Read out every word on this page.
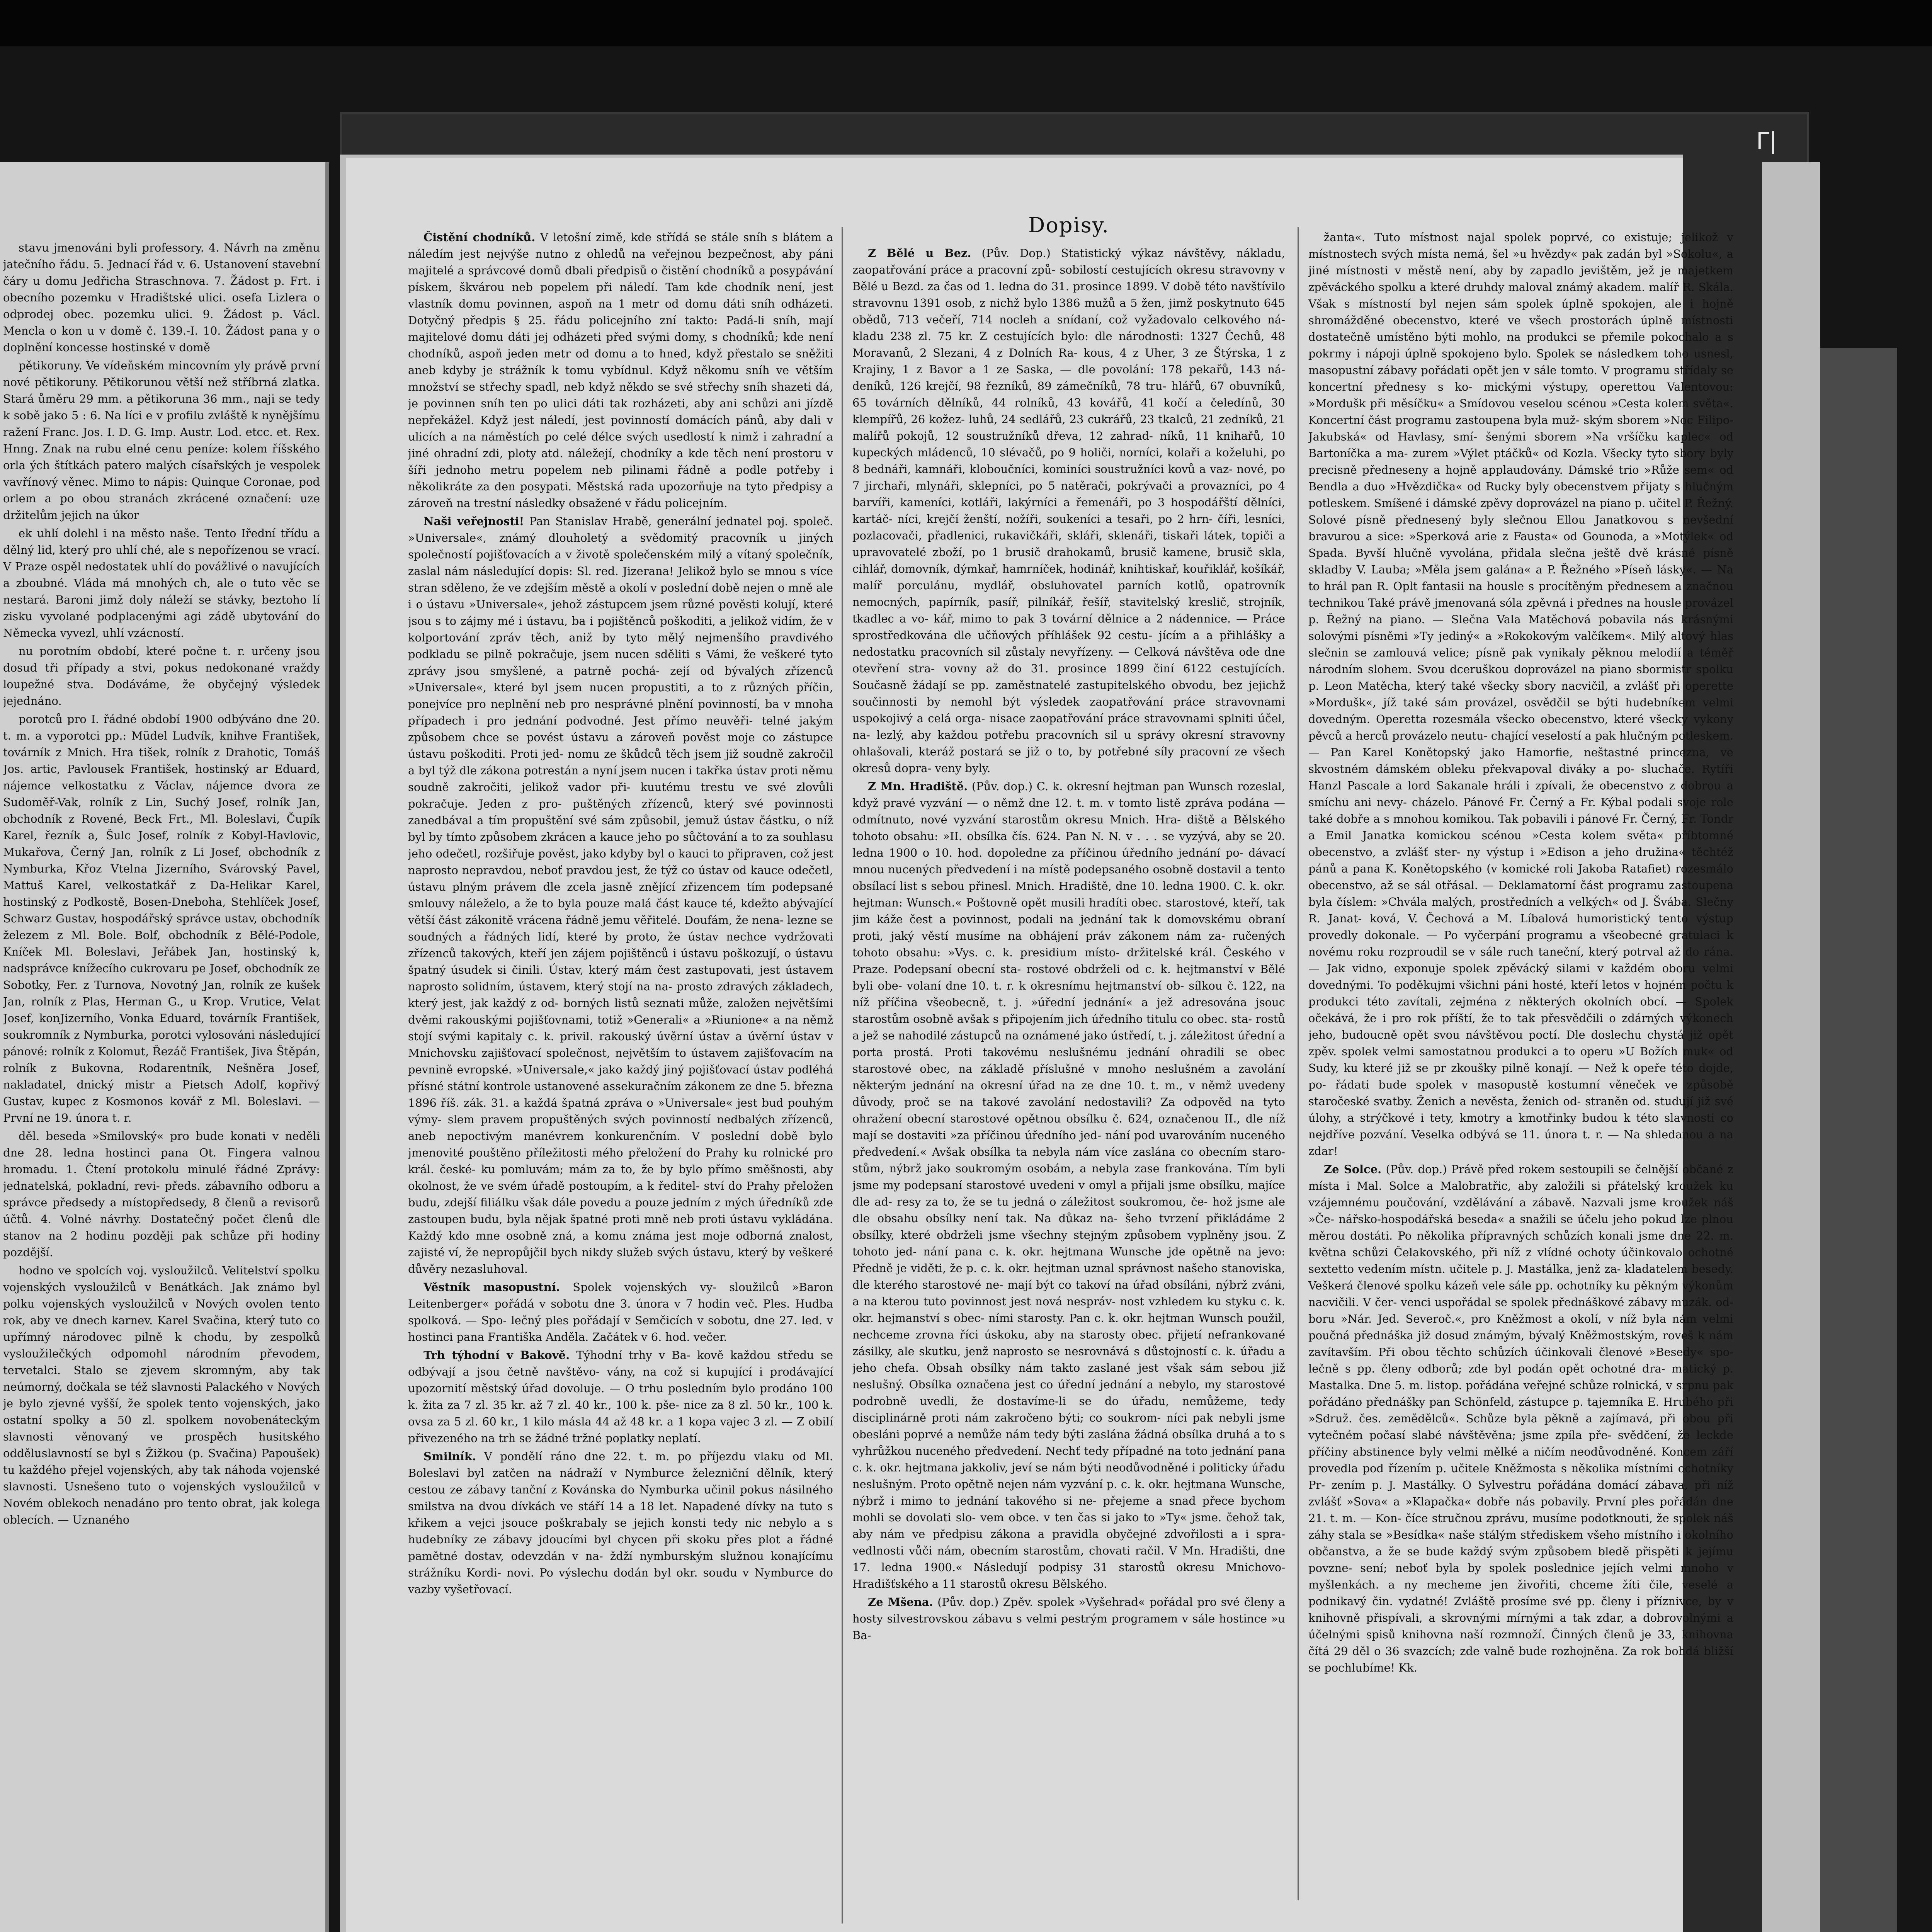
stavu jmenováni byli professory. 4. Návrh na změnu jatečního řádu. 5. Jednací řád v. 6. Ustanovení stavební čáry u domu Jedřicha Straschnova. 7. Žádost p. Frt. i obecního pozemku v Hradištské ulici. osefa Lizlera o odprodej obec. pozemku ulici. 9. Žádost p. Václ. Mencla o kon u v domě č. 139.-I. 10. Žádost pana y o doplnění koncesse hostinské v domě

pětikoruny. Ve vídeňském mincovním yly právě první nové pětikoruny. Pětikorunou větší než stříbrná zlatka. Stará ůměru 29 mm. a pětikoruna 36 mm., naji se tedy k sobě jako 5 : 6. Na líci e v profilu zvláště k nynějšímu ražení Franc. Jos. I. D. G. Imp. Austr. Lod. etcc. et. Rex. Hnng. Znak na rubu elné cenu peníze: kolem říšského orla ých štítkách patero malých císařských je vespolek vavřínový věnec. Mimo to nápis: Quinque Coronae, pod orlem a po obou stranách zkrácené označení: uze držitelům jejich na úkor

ek uhlí dolehl i na město naše. Tento Iřední třídu a dělný lid, který pro uhlí ché, ale s nepořízenou se vrací. V Praze ospěl nedostatek uhlí do povážlivé o navujících a zboubné. Vláda má mnohých ch, ale o tuto věc se nestará. Baroni jimž doly náleží se stávky, beztoho lí zisku vyvolané podplacenými agi zádě ubytování do Německa vyvezl, uhlí vzácností.

nu porotním období, které počne t. r. určeny jsou dosud tři případy a stvi, pokus nedokonané vraždy loupežné stva. Dodáváme, že obyčejný výsledek jejednáno.

porotců pro I. řádné období 1900 odbýváno dne 20. t. m. a vyporotci pp.: Müdel Ludvík, knihve František, továrník z Mnich. Hra tišek, rolník z Drahotic, Tomáš Jos. artic, Pavlousek František, hostinský ar Eduard, nájemce velkostatku z Václav, nájemce dvora ze Sudoměř-Vak, rolník z Lin, Suchý Josef, rolník Jan, obchodník z Rovené, Beck Frt., Ml. Boleslavi, Čupík Karel, řezník a, Šulc Josef, rolník z Kobyl-Havlovic, Mukařova, Černý Jan, rolník z Li Josef, obchodník z Nymburka, Křoz Vtelna Jizerního, Svárovský Pavel, Mattuš Karel, velkostatkář z Da-Helikar Karel, hostinský z Podkostě, Bosen-Dneboha, Stehlíček Josef, Schwarz Gustav, hospodářský správce ustav, obchodník železem z Ml. Bole. Bolf, obchodník z Bělé-Podole, Kníček Ml. Boleslavi, Jeřábek Jan, hostinský k, nadsprávce knížecího cukrovaru pe Josef, obchodník ze Sobotky, Fer. z Turnova, Novotný Jan, rolník ze kušek Jan, rolník z Plas, Herman G., u Krop. Vrutice, Velat Josef, konJizerního, Vonka Eduard, továrník František, soukromník z Nymburka, porotci vylosováni následující pánové: rolník z Kolomut, Řezáč František, Jiva Štěpán, rolník z Bukovna, Rodarentník, Nešněra Josef, nakladatel, dnický mistr a Pietsch Adolf, kopřivý Gustav, kupec z Kosmonos kovář z Ml. Boleslavi. — První ne 19. února t. r.

děl. beseda »Smilovský« pro bude konati v neděli dne 28. ledna hostinci pana Ot. Fingera valnou hromadu. 1. Čtení protokolu minulé řádné Zprávy: jednatelská, pokladní, revi- předs. zábavního odboru a správce předsedy a místopředsedy, 8 členů a revisorů účtů. 4. Volné návrhy. Dostatečný počet členů dle stanov na 2 hodinu později pak schůze při hodiny pozdější.

hodno ve spolcích voj. vysloužilců. Velitelství spolku vojenských vysloužilců v Benátkách. Jak známo byl polku vojenských vysloužilců v Nových ovolen tento rok, aby ve dnech karnev. Karel Svačina, který tuto co upřímný národovec pilně k chodu, by zespolků vysloužilečkých odpomohl národním převodem, tervetalci. Stalo se zjevem skromným, aby tak neúmorný, dočkala se též slavnosti Palackého v Nových je bylo zjevné vyšší, že spolek tento vojenských, jako ostatní spolky a 50 zl. spolkem novobenáteckým slavnosti věnovaný ve prospěch husitského odděluslavností se byl s Žižkou (p. Svačina) Papoušek) tu každého přejel vojenských, aby tak náhoda vojenské slavnosti. Usnešeno tuto o vojenských vysloužilců v Novém oblekoch nenadáno pro tento obrat, jak kolega oblecích. — Uznaného

Čistění chodníků. V letošní zimě, kde střídá se stále sníh s blátem a náledím jest nejvýše nutno z ohledů na veřejnou bezpečnost, aby páni majitelé a správcové domů dbali předpisů o čistění chodníků a posypávání pískem, škvárou neb popelem při náledí. Tam kde chodník není, jest vlastník domu povinnen, aspoň na 1 metr od domu dáti sníh odházeti. Dotyčný předpis § 25. řádu policejního zní takto: Padá-li sníh, mají majitelové domu dáti jej odházeti před svými domy, s chodníků; kde není chodníků, aspoň jeden metr od domu a to hned, když přestalo se sněžiti aneb kdyby je strážník k tomu vybídnul. Když někomu sníh ve větším množství se střechy spadl, neb když někdo se své střechy sníh shazeti dá, je povinnen sníh ten po ulici dáti tak rozházeti, aby ani schůzi ani jízdě nepřekážel. Když jest náledí, jest povinností domácích pánů, aby dali v ulicích a na náměstích po celé délce svých usedlostí k nimž i zahradní a jiné ohradní zdi, ploty atd. náležejí, chodníky a kde těch není prostoru v šíři jednoho metru popelem neb pilinami řádně a podle potřeby i několikráte za den posypati. Městská rada upozorňuje na tyto předpisy a zároveň na trestní následky obsažené v řádu policejním.

Naši veřejnosti! Pan Stanislav Hrabě, generální jednatel poj. společ. »Universale«, známý dlouholetý a svědomitý pracovník u jiných společností pojišťovacích a v životě společenském milý a vítaný společník, zaslal nám následující dopis: Sl. red. Jizerana! Jelikož bylo se mnou s více stran sděleno, že ve zdejším městě a okolí v poslední době nejen o mně ale i o ústavu »Universale«, jehož zástupcem jsem různé pověsti kolují, které jsou s to zájmy mé i ústavu, ba i pojištěnců poškoditi, a jelikož vidím, že v kolportování zpráv těch, aniž by tyto mělý nejmenšího pravdivého podkladu se pilně pokračuje, jsem nucen sděliti s Vámi, že veškeré tyto zprávy jsou smyšlené, a patrně pochá- zejí od bývalých zřízenců »Universale«, které byl jsem nucen propustiti, a to z různých příčin, ponejvíce pro neplnění neb pro nesprávné plnění povinností, ba v mnoha případech i pro jednání podvodné. Jest přímo neuvěři- telné jakým způsobem chce se povést ústavu a zároveň pověst moje co zástupce ústavu poškoditi. Proti jed- nomu ze škůdců těch jsem již soudně zakročil a byl týž dle zákona potrestán a nyní jsem nucen i takřka ústav proti němu soudně zakročiti, jelikož vador při- kuutému trestu ve své zlovůli pokračuje. Jeden z pro- puštěných zřízenců, který své povinnosti zanedbával a tím propuštění své sám způsobil, jemuž ústav částku, o níž byl by tímto způsobem zkrácen a kauce jeho po sůčtování a to za souhlasu jeho odečetl, rozšiřuje pověst, jako kdyby byl o kauci to připraven, což jest naprosto nepravdou, neboť pravdou jest, že týž co ústav od kauce odečetl, ústavu plným právem dle zcela jasně znějící zřizencem tím podepsané smlouvy náleželo, a že to byla pouze malá část kauce té, kdežto abývající větší část zákonitě vrácena řádně jemu věřitelé. Doufám, že nena- lezne se soudných a řádných lidí, které by proto, že ústav nechce vydržovati zřízenců takových, kteří jen zájem pojištěnců i ústavu poškozují, o ústavu špatný úsudek si činili. Ústav, který mám čest zastupovati, jest ústavem naprosto solidním, ústavem, který stojí na na- prosto zdravých základech, který jest, jak každý z od- borných listů seznati může, založen největšími dvěmi rakouskými pojišťovnami, totiž »Generali« a »Riunione« a na němž stojí svými kapitaly c. k. privil. rakouský úvěrní ústav a úvěrní ústav v Mnichovsku zajišťovací společnost, největším to ústavem zajišťovacím na pevnině evropské. »Universale,« jako každý jiný pojišťovací ústav podléhá přísné státní kontrole ustanovené assekuračním zákonem ze dne 5. března 1896 říš. zák. 31. a každá špatná zpráva o »Universale« jest bud pouhým výmy- slem pravem propuštěných svých povinností nedbalých zřízenců, aneb nepoctivým manévrem konkurenčním. V poslední době bylo jmenovité pouštěno příležitosti mého přeložení do Prahy ku rolnické pro král. české- ku pomluvám; mám za to, že by bylo přímo směšnosti, aby okolnost, že ve svém úřadě postoupím, a k ředitel- ství do Prahy přeložen budu, zdejší filiálku však dále povedu a pouze jedním z mých úředníků zde zastoupen budu, byla nějak špatné proti mně neb proti ústavu vykládána. Každý kdo mne osobně zná, a komu známa jest moje odborná znalost, zajisté ví, že nepropůjčil bych nikdy služeb svých ústavu, který by veškeré důvěry nezasluhoval.

Věstník masopustní. Spolek vojenských vy- sloužilců »Baron Leitenberger« pořádá v sobotu dne 3. února v 7 hodin več. Ples. Hudba spolková. — Spo- lečný ples pořádají v Semčicích v sobotu, dne 27. led. v hostinci pana Františka Anděla. Začátek v 6. hod. večer.

Trh týhodní v Bakově. Týhodní trhy v Ba- kově každou středu se odbývají a jsou četně navštěvo- vány, na což si kupující i prodávající upozornití městský úřad dovoluje. — O trhu posledním bylo prodáno 100 k. žita za 7 zl. 35 kr. až 7 zl. 40 kr., 100 k. pše- nice za 8 zl. 50 kr., 100 k. ovsa za 5 zl. 60 kr., 1 kilo másla 44 až 48 kr. a 1 kopa vajec 3 zl. — Z obilí přivezeného na trh se žádné tržné poplatky neplatí.

Smilník. V pondělí ráno dne 22. t. m. po příjezdu vlaku od Ml. Boleslavi byl zatčen na nádraží v Nymburce železniční dělník, který cestou ze zábavy tanční z Kovánska do Nymburka učinil pokus násilného smilstva na dvou dívkách ve stáří 14 a 18 let. Napadené dívky na tuto s křikem a vejci jsouce poškrabaly se jejich konsti tedy nic nebylo a s hudebníky ze zábavy jdoucími byl chycen při skoku přes plot a řádné pamětné dostav, odevzdán v na- ždží nymburským služnou konajícímu strážníku Kordi- novi. Po výslechu dodán byl okr. soudu v Nymburce do vazby vyšetřovací.

Dopisy.

Z Bělé u Bez. (Pův. Dop.) Statistický výkaz návštěvy, nákladu, zaopatřování práce a pracovní způ- sobilostí cestujících okresu stravovny v Bělé u Bezd. za čas od 1. ledna do 31. prosince 1899. V době této navštívilo stravovnu 1391 osob, z nichž bylo 1386 mužů a 5 žen, jimž poskytnuto 645 obědů, 713 večeří, 714 nocleh a snídaní, což vyžadovalo celkového ná- kladu 238 zl. 75 kr. Z cestujících bylo: dle národnosti: 1327 Čechů, 48 Moravanů, 2 Slezani, 4 z Dolních Ra- kous, 4 z Uher, 3 ze Štýrska, 1 z Krajiny, 1 z Bavor a 1 ze Saska, — dle povolání: 178 pekařů, 143 ná- deníků, 126 krejčí, 98 řezníků, 89 zámečníků, 78 tru- hlářů, 67 obuvníků, 65 továrních dělníků, 44 rolníků, 43 kovářů, 41 kočí a čeledínů, 30 klempířů, 26 kožez- luhů, 24 sedlářů, 23 cukrářů, 23 tkalců, 21 zedníků, 21 malířů pokojů, 12 soustružníků dřeva, 12 zahrad- níků, 11 knihařů, 10 kupeckých mládenců, 10 slévačů, po 9 holiči, norníci, kolaři a koželuhi, po 8 bednáři, kamnáři, kloboučníci, kominíci soustružníci kovů a vaz- nové, po 7 jirchaři, mlynáři, sklepníci, po 5 natěrači, pokrývači a provazníci, po 4 barvíři, kameníci, kotláři, lakýrníci a řemenáři, po 3 hospodářští dělníci, kartáč- níci, krejčí ženští, nožíři, soukeníci a tesaři, po 2 hrn- číři, lesníci, pozlacovači, přadlenici, rukavičkáři, skláři, sklenáři, tiskaři látek, topiči a upravovatelé zboží, po 1 brusič drahokamů, brusič kamene, brusič skla, cihlář, domovník, dýmkař, hamrníček, hodinář, knihtiskař, kouřiklář, košíkář, malíř porculánu, mydlář, obsluhovatel parních kotlů, opatrovník nemocných, papírník, pasíř, pilníkář, řešíř, stavitelský kreslič, strojník, tkadlec a vo- kář, mimo to pak 3 tovární dělnice a 2 nádennice. — Práce sprostředkována dle učňových příhlášek 92 cestu- jícím a a přihlášky a nedostatku pracovních sil zůstaly nevyřízeny. — Celková návštěva ode dne otevření stra- vovny až do 31. prosince 1899 činí 6122 cestujících. Současně žádají se pp. zaměstnatelé zastupitelského obvodu, bez jejichž součinnosti by nemohl být výsledek zaopatřování práce stravovnami uspokojivý a celá orga- nisace zaopatřování práce stravovnami splniti účel, na- lezlý, aby každou potřebu pracovních sil u správy okresní stravovny ohlašovali, kteráž postará se již o to, by potřebné síly pracovní ze všech okresů dopra- veny byly.

Z Mn. Hradiště. (Pův. dop.) C. k. okresní hejtman pan Wunsch rozeslal, když pravé vyzvání — o němž dne 12. t. m. v tomto listě zpráva podána — odmítnuto, nové vyzvání starostům okresu Mnich. Hra- diště a Bělského tohoto obsahu: »II. obsílka čís. 624. Pan N. N. v . . . se vyzývá, aby se 20. ledna 1900 o 10. hod. dopoledne za příčinou úředního jednání po- dávací mnou nucených předvedení i na místě podepsaného osobně dostavil a tento obsílací list s sebou přinesl. Mnich. Hradiště, dne 10. ledna 1900. C. k. okr. hejtman: Wunsch.« Poštovně opět musili hradíti obec. starostové, kteří, tak jim káže čest a povinnost, podali na jednání tak k domovskému obraní proti, jaký věstí musíme na obhájení práv zákonem nám za- ručených tohoto obsahu: »Vys. c. k. presidium místo- držitelské král. Českého v Praze. Podepsaní obecní sta- rostové obdrželi od c. k. hejtmanství v Bělé byli obe- volaní dne 10. t. r. k okresnímu hejtmanství ob- sílkou č. 122, na níž příčina všeobecně, t. j. »úřední jednání« a jež adresována jsouc starostům osobně avšak s připojením jich úředního titulu co obec. sta- rostů a jež se nahodilé zástupců na oznámené jako ústředí, t. j. záležitost úřední a porta prostá. Proti takovému neslušnému jednání ohradili se obec starostové obec, na základě příslušné v mnoho neslušném a zavolání některým jednání na okresní úřad na ze dne 10. t. m., v němž uvedeny důvody, proč se na takové zavolání nedostavili? Za odpověd na tyto ohražení obecní starostové opětnou obsílku č. 624, označenou II., dle níž mají se dostaviti »za příčinou úředního jed- nání pod uvarováním nuceného předvedení.« Avšak obsílka ta nebyla nám více zaslána co obecním staro- stům, nýbrž jako soukromým osobám, a nebyla zase frankována. Tím byli jsme my podepsaní starostové uvedeni v omyl a přijali jsme obsílku, majíce dle ad- resy za to, že se tu jedná o záležitost soukromou, če- hož jsme ale dle obsahu obsílky není tak. Na důkaz na- šeho tvrzení přikládáme 2 obsílky, které obdrželi jsme všechny stejným způsobem vyplněny jsou. Z tohoto jed- nání pana c. k. okr. hejtmana Wunsche jde opětně na jevo: Předně je viděti, že p. c. k. okr. hejtman uznal správnost našeho stanoviska, dle kterého starostové ne- mají být co takoví na úřad obsíláni, nýbrž zváni, a na kterou tuto povinnost jest nová nespráv- nost vzhledem ku styku c. k. okr. hejmanství s obec- ními starosty. Pan c. k. okr. hejtman Wunsch použil, nechceme zrovna říci úskoku, aby na starosty obec. přijetí nefrankované zásilky, ale skutku, jenž naprosto se nesrovnává s důstojností c. k. úřadu a jeho chefa. Obsah obsílky nám takto zaslané jest však sám sebou již neslušný. Obsílka označena jest co úřední jednání a nebylo, my starostové podrobně uvedli, že dostavíme-li se do úřadu, nemůžeme, tedy disciplinárně proti nám zakročeno býti; co soukrom- níci pak nebyli jsme obesláni poprvé a nemůže nám tedy býti zaslána žádná obsílka druhá a to s vyhrůžkou nuceného předvedení. Nechť tedy případné na toto jednání pana c. k. okr. hejtmana jakkoliv, jeví se nám býti neodůvodněné i politicky úřadu neslušným. Proto opětně nejen nám vyzvání p. c. k. okr. hejtmana Wunsche, nýbrž i mimo to jednání takového si ne- přejeme a snad přece bychom mohli se dovolati slo- vem obce. v ten čas si jako to »Ty« jsme. čehož tak, aby nám ve předpisu zákona a pravidla obyčejné zdvořilosti a i spra- vedlnosti vůči nám, obecním starostům, chovati račil. V Mn. Hradišti, dne 17. ledna 1900.« Následují podpisy 31 starostů okresu Mnichovo-Hradišťského a 11 starostů okresu Bělského.

Ze Mšena. (Pův. dop.) Zpěv. spolek »Vyšehrad« pořádal pro své členy a hosty silvestrovskou zábavu s velmi pestrým programem v sále hostince »u Ba-

žanta«. Tuto místnost najal spolek poprvé, co existuje; jelikož v místnostech svých místa nemá, šel »u hvězdy« pak zadán byl »Sokolu«, a jiné místnosti v městě není, aby by zapadlo jevištěm, jež je majetkem zpěváckého spolku a které druhdy maloval známý akadem. malíř R. Skála. Však s místností byl nejen sám spolek úplně spokojen, ale i hojně shromážděné obecenstvo, které ve všech prostorách úplně místnosti dostatečně umístěno býti mohlo, na produkci se přemile pokochalo a s pokrmy i nápoji úplně spokojeno bylo. Spolek se následkem toho usnesl, masopustní zábavy pořádati opět jen v sále tomto. V programu střídaly se koncertní přednesy s ko- mickými výstupy, operettou Valentovou: »Mordušk při měsíčku« a Smídovou veselou scénou »Cesta kolem světa«. Koncertní část programu zastoupena byla muž- ským sborem »Noc Filipo-Jakubská« od Havlasy, smí- šenými sborem »Na vršíčku kaplec« od Bartoníčka a ma- zurem »Výlet ptáčků« od Kozla. Všecky tyto sbory byly precisně předneseny a hojně applaudovány. Dámské trio »Růže sem« od Bendla a duo »Hvězdička« od Rucky byly obecenstvem přijaty s hlučným potleskem. Smíšené i dámské zpěvy doprovázel na piano p. učitel P. Řežný. Solové písně přednesený byly slečnou Ellou Janatkovou s nevšední bravurou a sice: »Sperková arie z Fausta« od Gounoda, a »Motýlek« od Spada. Byvší hlučně vyvolána, přidala slečna ještě dvě krásné písně skladby V. Lauba; »Měla jsem galána« a P. Řežného »Píseň lásky«. — Na to hrál pan R. Oplt fantasii na housle s procítěným přednesem a značnou technikou Také právě jmenovaná sóla zpěvná i přednes na housle provázel p. Řežný na piano. — Slečna Vala Matěchová pobavila nás krásnými solovými písněmi »Ty jediný« a »Rokokovým valčíkem«. Milý altový hlas slečnin se zamlouvá velice; písně pak vynikaly pěknou melodií a téměř národním slohem. Svou dceruškou doprovázel na piano sbormistr spolku p. Leon Matěcha, který také všecky sbory nacvičil, a zvlášť při operette »Mordušk«, jíž také sám provázel, osvědčil se býti hudebníkem velmi dovedným. Operetta rozesmála všecko obecenstvo, které všecky vykony pěvců a herců provázelo neutu- chající veselostí a pak hlučným potleskem. — Pan Karel Konětopský jako Hamorfie, neštastné princezna, ve skvostném dámském obleku překvapoval diváky a po- sluchače. Rytíři Hanzl Pascale a lord Sakanale hráli i zpívali, že obecenstvo z dobrou a smíchu ani nevy- cházelo. Pánové Fr. Černý a Fr. Kýbal podali svoje role také dobře a s mnohou komikou. Tak pobavili i pánové Fr. Černý, Fr. Tondr a Emil Janatka komickou scénou »Cesta kolem světa« příbtomné obecenstvo, a zvlášť ster- ny výstup i »Edison a jeho družina« těchtéž pánů a pana K. Konětopského (v komické roli Jakoba Ratafiet) rozesmálo obecenstvo, až se sál otřásal. — Deklamatorní část programu zastoupena byla číslem: »Chvála malých, prostředních a velkých« od J. Švába. Slečny R. Janat- ková, V. Čechová a M. Líbalová humoristický tento výstup provedly dokonale. — Po vyčerpání programu a všeobecné gratulaci k novému roku rozproudil se v sále ruch taneční, který potrval až do rána. — Jak vidno, exponuje spolek zpěvácký silami v každém oboru velmi dovednými. To poděkujmi všichni páni hosté, kteří letos v hojném počtu k produkci této zavítali, zejména z některých okolních obcí. — Spolek očekává, že i pro rok příští, že to tak přesvědčili o zdárných výkonech jeho, budoucně opět svou návštěvou poctí. Dle doslechu chystá již opět zpěv. spolek velmi samostatnou produkci a to operu »U Božích muk« od Sudy, ku které již se pr zkoušky pilně konají. — Než k opeře této dojde, po- řádati bude spolek v masopustě kostumní věneček ve způsobě staročeské svatby. Ženich a nevěsta, ženich od- straněn od. studují již své úlohy, a strýčkové i tety, kmotry a kmotřinky budou k této slavnosti co nejdříve pozvání. Veselka odbývá se 11. února t. r. — Na shledanou a na zdar!

Ze Solce. (Pův. dop.) Právě před rokem sestoupili se čelnější občané z místa i Mal. Solce a Malobratřic, aby založili si přátelský kroužek ku vzájemnému poučování, vzdělávání a zábavě. Nazvali jsme kroužek náš »Če- nářsko-hospodářská beseda« a snažili se účelu jeho pokud lze plnou měrou dostáti. Po několika přípravných schůzích konali jsme dne 22. m. května schůzi Čelakovského, při níž z vlídné ochoty účinkovalo ochotné sextetto vedením místn. učitele p. J. Mastálka, jenž za- kladatelem besedy. Veškerá členové spolku kázeň vele sále pp. ochotníky ku pěkným výkonům nacvičili. V čer- venci uspořádal se spolek přednáškové zábavy muzák. od- boru »Nár. Jed. Severoč.«, pro Kněžmost a okolí, v níž byla nám velmi poučná přednáška již dosud známým, bývalý Kněžmostským, roveš k nám zavítavším. Při obou těchto schůzích účinkovali členové »Besedy« spo- lečně s pp. členy odborů; zde byl podán opět ochotné dra- matický p. Mastalka. Dne 5. m. listop. pořádána veřejné schůze rolnická, v srpnu pak pořádáno přednášky pan Schönfeld, zástupce p. tajemníka E. Hrubého při »Sdruž. čes. zemědělců«. Schůze byla pěkně a zajímavá, při obou při vytečném počasí slabé návštěvěna; jsme zpíla pře- svědčení, že leckde příčiny abstinence byly velmi mělké a ničím neodůvodněné. Koncem září provedla pod řízením p. učitele Kněžmosta s několika místními ochotníky Pr- zením p. J. Mastálky. O Sylvestru pořádána domácí zábava, při níž zvlášť »Sova« a »Klapačka« dobře nás pobavily. První ples pořádán dne 21. t. m. — Kon- číce stručnou zprávu, musíme podotknouti, že spolek náš záhy stala se »Besídka« naše stálým střediskem všeho místního i okolního občanstva, a že se bude každý svým způsobem bledě přispěti k jejímu povzne- sení; neboť byla by spolek poslednice jejích velmi mnoho v myšlenkách. a ny mecheme jen živořiti, chceme žíti čile, veselé a podnikavý čin. vydatné! Zvláště prosíme své pp. členy i příznivce, by v knihovně přispívali, a skrovnými mírnými a tak zdar, a dobrovolnými a účelnými spisů knihovna naší rozmnoží. Činných členů je 33, knihovna čítá 29 děl o 36 svazcích; zde valně bude rozhojněna. Za rok bohdá bližší se pochlubíme! Kk.

Γ|
